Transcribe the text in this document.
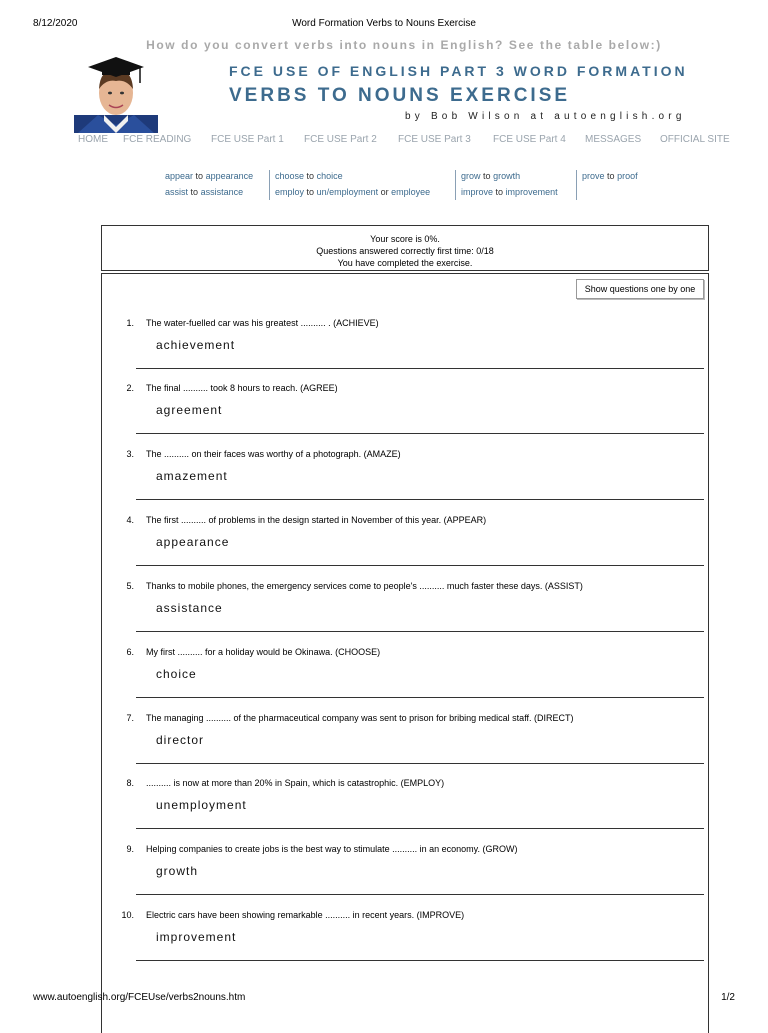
8/12/2020	Word Formation Verbs to Nouns Exercise
How do you convert verbs into nouns in English? See the table below:)
FCE USE OF ENGLISH PART 3 WORD FORMATION
VERBS TO NOUNS EXERCISE
by Bob Wilson at autoenglish.org
HOME FCE READING FCE USE Part 1 FCE USE Part 2 FCE USE Part 3 FCE USE Part 4 MESSAGES OFFICIAL SITE
appear to appearance
assist to assistance
choose to choice
employ to un/employment or employee
grow to growth
improve to improvement
prove to proof
Your score is 0%.
Questions answered correctly first time: 0/18
You have completed the exercise.
Show questions one by one
1. The water-fuelled car was his greatest .......... . (ACHIEVE)
achievement
2. The final .......... took 8 hours to reach. (AGREE)
agreement
3. The .......... on their faces was worthy of a photograph. (AMAZE)
amazement
4. The first .......... of problems in the design started in November of this year. (APPEAR)
appearance
5. Thanks to mobile phones, the emergency services come to people's .......... much faster these days. (ASSIST)
assistance
6. My first .......... for a holiday would be Okinawa. (CHOOSE)
choice
7. The managing .......... of the pharmaceutical company was sent to prison for bribing medical staff. (DIRECT)
director
8. .......... is now at more than 20% in Spain, which is catastrophic. (EMPLOY)
unemployment
9. Helping companies to create jobs is the best way to stimulate .......... in an economy. (GROW)
growth
10. Electric cars have been showing remarkable .......... in recent years. (IMPROVE)
improvement
www.autoenglish.org/FCEUse/verbs2nouns.htm	1/2
